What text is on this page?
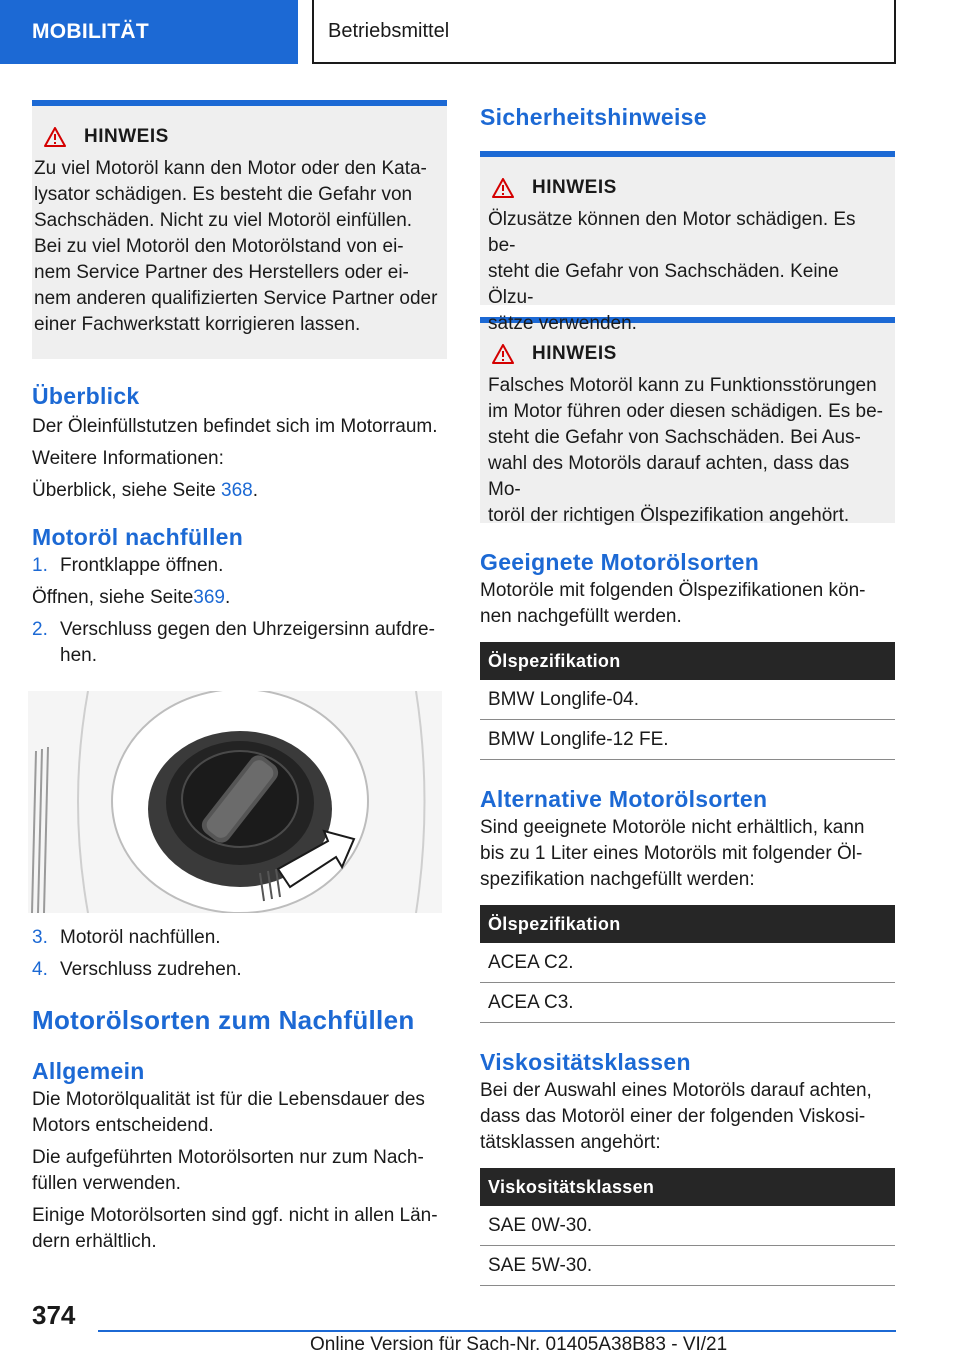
MOBILITÄT	Betriebsmittel
HINWEIS
Zu viel Motoröl kann den Motor oder den Kata-
lysator schädigen. Es besteht die Gefahr von
Sachschäden. Nicht zu viel Motoröl einfüllen.
Bei zu viel Motoröl den Motorölstand von ei-
nem Service Partner des Herstellers oder ei-
nem anderen qualifizierten Service Partner oder
einer Fachwerkstatt korrigieren lassen.
Überblick

Der Öleinfüllstutzen befindet sich im Motorraum.

Weitere Informationen:

Überblick, siehe Seite 368.

Motoröl nachfüllen
1. Frontklappe öffnen.
Öffnen, siehe Seite 369 .
2. Verschluss gegen den Uhrzeigersinn aufdre-
hen.
3. Motoröl nachfüllen.
4. Verschluss zudrehen.
Motorölsorten zum Nachfüllen
Allgemein

Die Motorölqualität ist für die Lebensdauer des
Motors entscheidend.

Die aufgeführten Motorölsorten nur zum Nach-
füllen verwenden.

Einige Motorölsorten sind ggf. nicht in allen Län-
dern erhältlich.

Sicherheitshinweise
HINWEIS
Ölzusätze können den Motor schädigen. Es be-
steht die Gefahr von Sachschäden. Keine Ölzu-
sätze verwenden.
HINWEIS
Falsches Motoröl kann zu Funktionsstörungen
im Motor führen oder diesen schädigen. Es be-
steht die Gefahr von Sachschäden. Bei Aus-
wahl des Motoröls darauf achten, dass das Mo-
toröl der richtigen Ölspezifikation angehört.
Geeignete Motorölsorten

Motoröle mit folgenden Ölspezifikationen kön-
nen nachgefüllt werden.

Ölspezifikation
BMW Longlife-04.
BMW Longlife-12 FE.
Alternative Motorölsorten

Sind geeignete Motoröle nicht erhältlich, kann
bis zu 1 Liter eines Motoröls mit folgender Öl-
spezifikation nachgefüllt werden:

Ölspezifikation
ACEA C2.
ACEA C3.
Viskositätsklassen

Bei der Auswahl eines Motoröls darauf achten,
dass das Motoröl einer der folgenden Viskosi-
tätsklassen angehört:

Viskositätsklassen
SAE 0W-30.
SAE 5W-30.
374
Online Version für Sach-Nr. 01405A38B83 - VI/21
